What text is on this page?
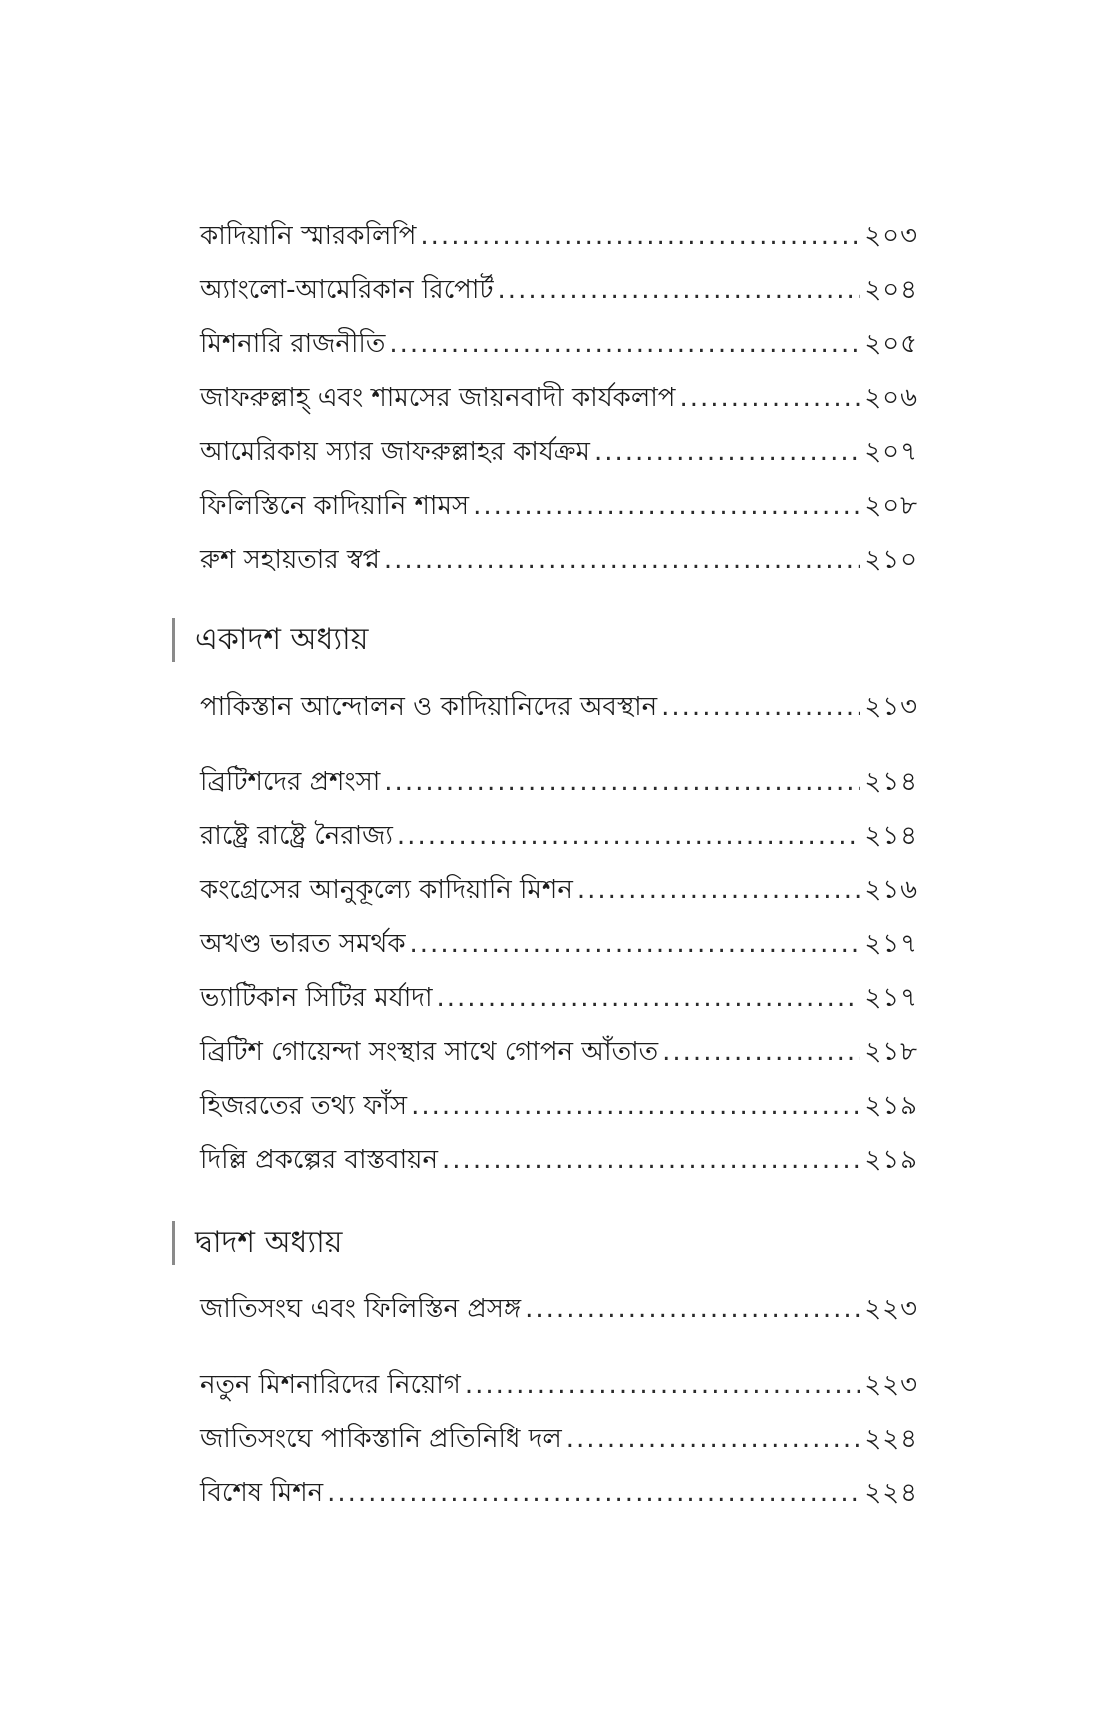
কাদিয়ানি স্মারকলিপি .....	২০৩
অ্যাংলো-আমেরিকান রিপোর্ট .....	২০৪
মিশনারি রাজনীতি .....	২০৫
জাফরুল্লাহ্ এবং শামসের জায়নবাদী কার্যকলাপ .....	২০৬
আমেরিকায় স্যার জাফরুল্লাহর কার্যক্রম .....	২০৭
ফিলিস্তিনে কাদিয়ানি শামস .....	২০৮
রুশ সহায়তার স্বপ্ন .....	২১০
একাদশ অধ্যায়
পাকিস্তান আন্দোলন ও কাদিয়ানিদের অবস্থান .....	২১৩
ব্রিটিশদের প্রশংসা .....	২১৪
রাষ্ট্রে রাষ্ট্রে নৈরাজ্য .....	২১৪
কংগ্রেসের আনুকূল্যে কাদিয়ানি মিশন .....	২১৬
অখণ্ড ভারত সমর্থক .....	২১৭
ভ্যাটিকান সিটির মর্যাদা .....	২১৭
ব্রিটিশ গোয়েন্দা সংস্থার সাথে গোপন আঁতাত .....	২১৮
হিজরতের তথ্য ফাঁস .....	২১৯
দিল্লি প্রকল্পের বাস্তবায়ন .....	২১৯
দ্বাদশ অধ্যায়
জাতিসংঘ এবং ফিলিস্তিন প্রসঙ্গ .....	২২৩
নতুন মিশনারিদের নিয়োগ .....	২২৩
জাতিসংঘে পাকিস্তানি প্রতিনিধি দল .....	২২৪
বিশেষ মিশন .....	২২৪
